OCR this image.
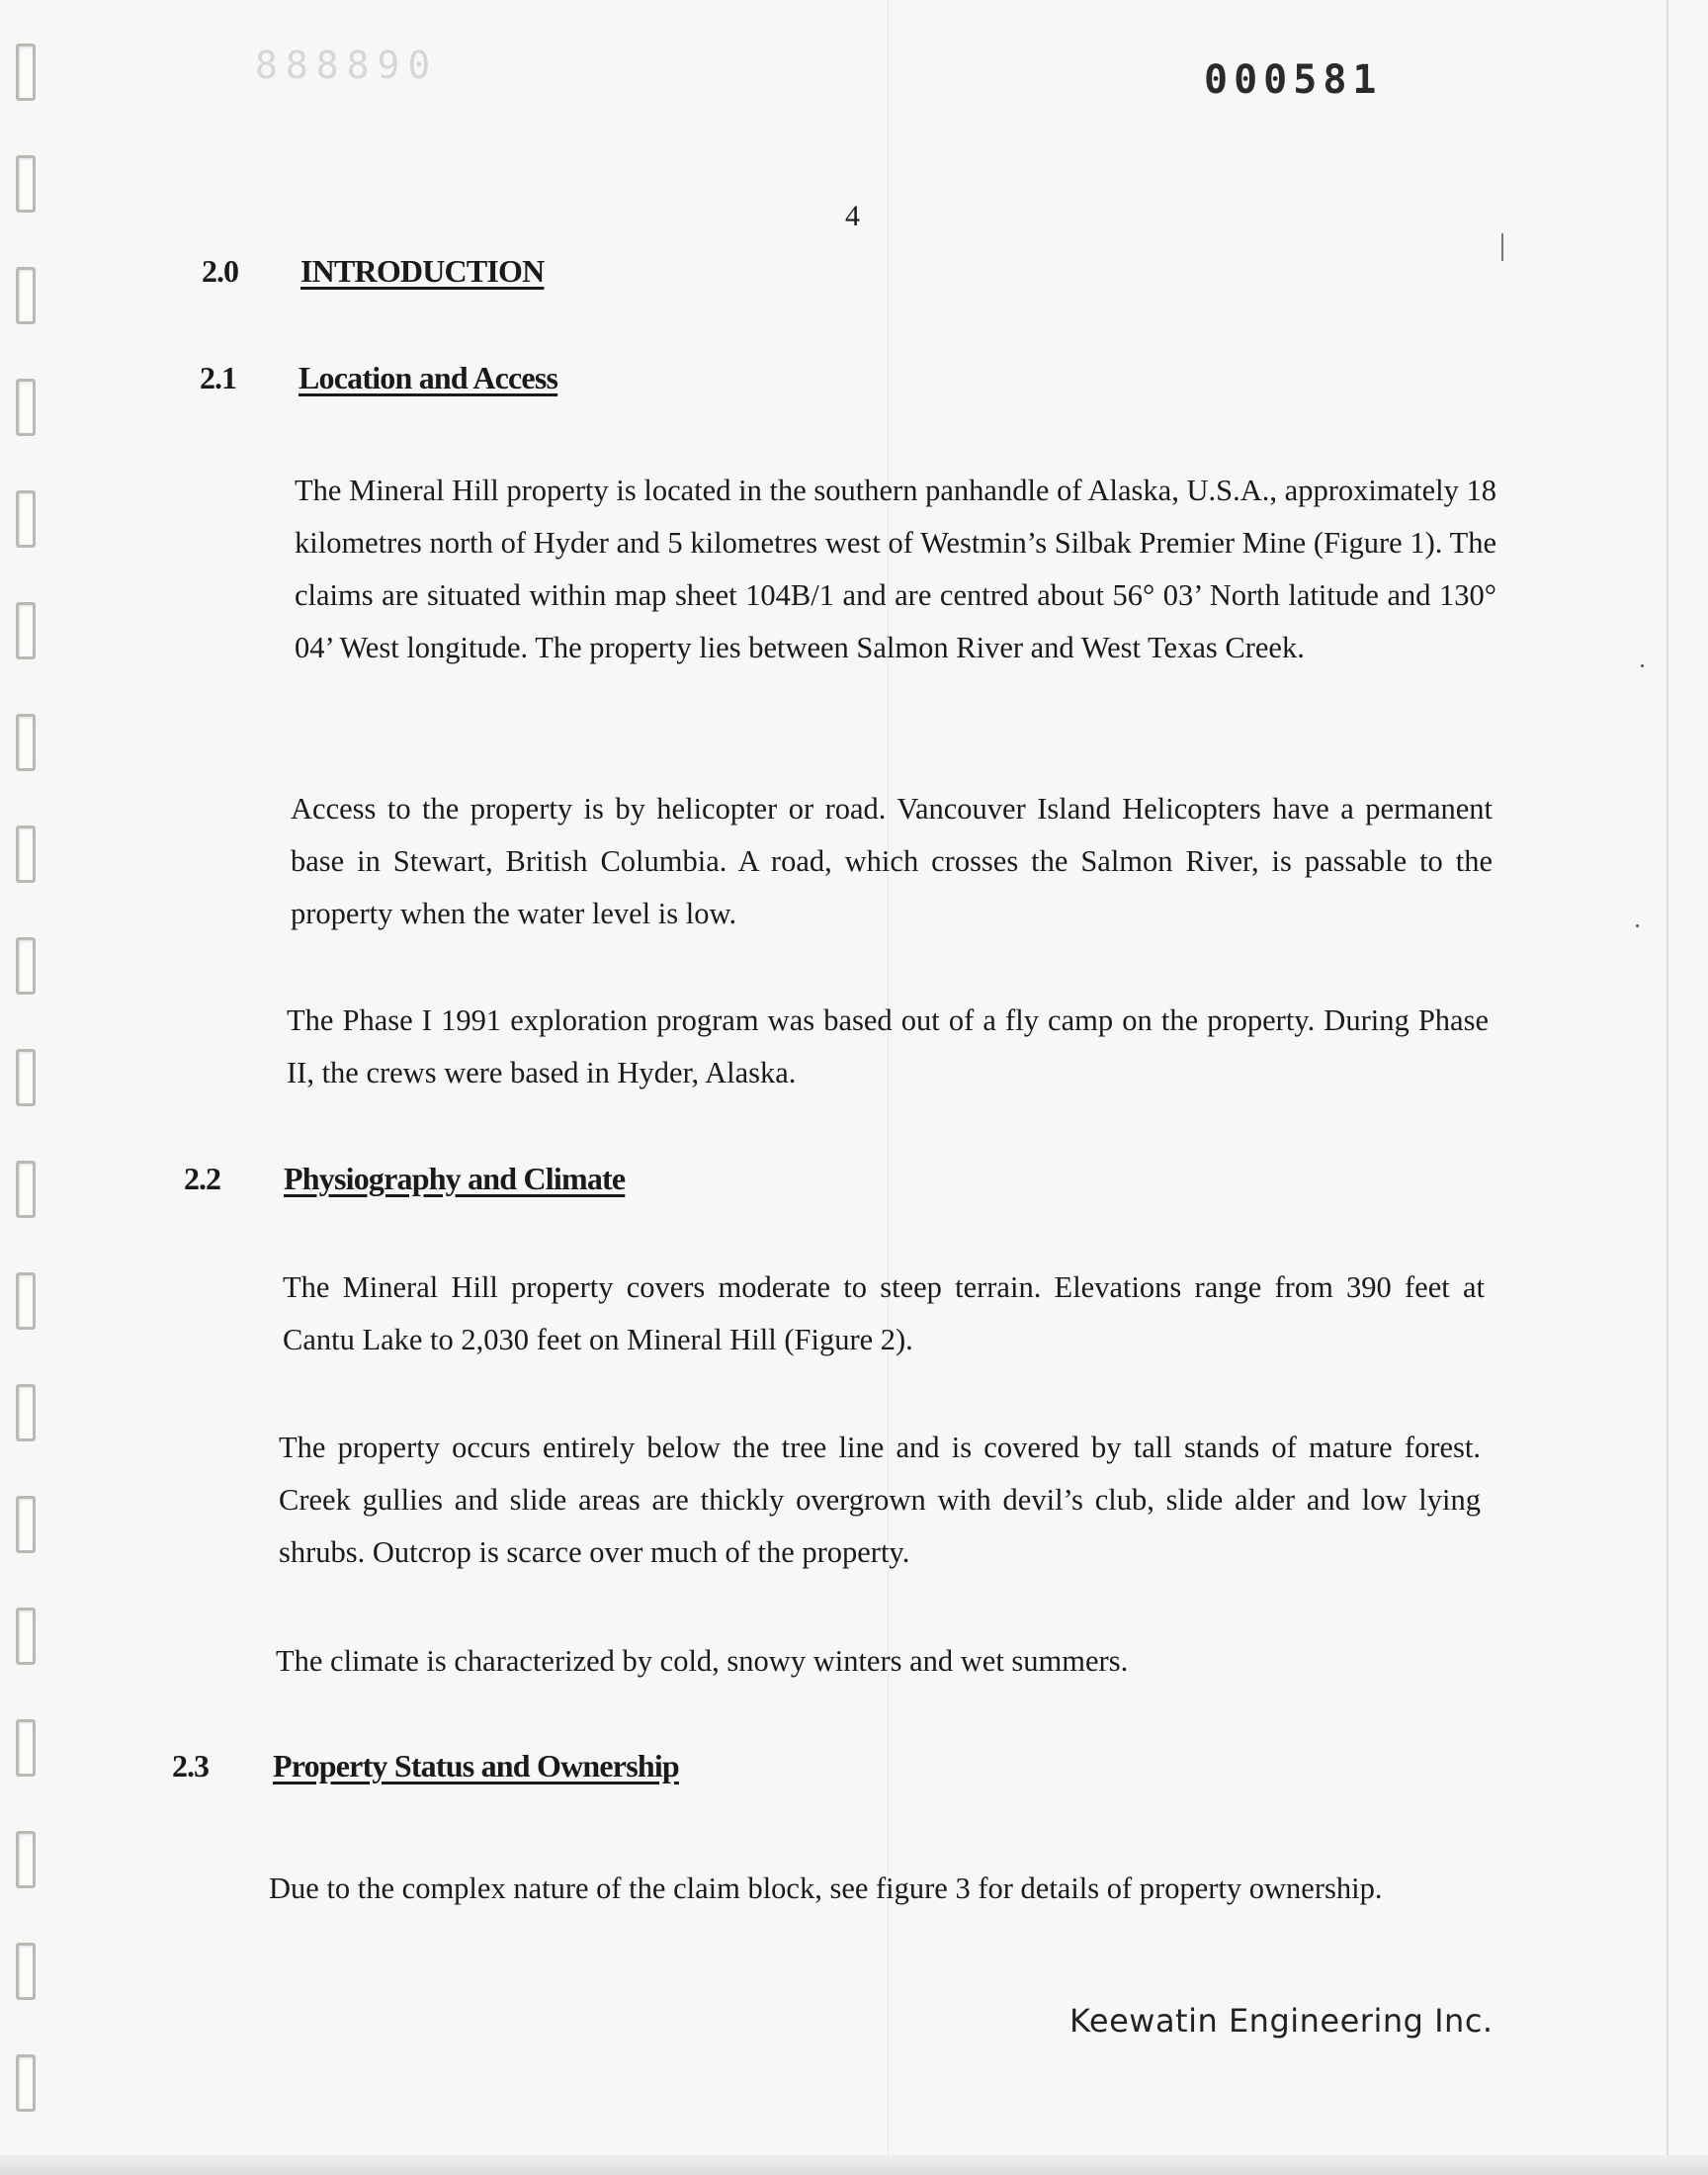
888890	000581
4
2.0 INTRODUCTION
2.1 Location and Access

The Mineral Hill property is located in the southern panhandle of Alaska, U.S.A., approximately 18 kilometres north of Hyder and 5 kilometres west of Westmin’s Silbak Premier Mine (Figure 1). The claims are situated within map sheet 104B/1 and are centred about 56° 03’ North latitude and 130° 04’ West longitude. The property lies between Salmon River and West Texas Creek.

Access to the property is by helicopter or road. Vancouver Island Helicopters have a permanent base in Stewart, British Columbia. A road, which crosses the Salmon River, is passable to the property when the water level is low.

The Phase I 1991 exploration program was based out of a fly camp on the property. During Phase II, the crews were based in Hyder, Alaska.

2.2 Physiography and Climate

The Mineral Hill property covers moderate to steep terrain. Elevations range from 390 feet at Cantu Lake to 2,030 feet on Mineral Hill (Figure 2).

The property occurs entirely below the tree line and is covered by tall stands of mature forest. Creek gullies and slide areas are thickly overgrown with devil’s club, slide alder and low lying shrubs. Outcrop is scarce over much of the property.

The climate is characterized by cold, snowy winters and wet summers.

2.3 Property Status and Ownership

Due to the complex nature of the claim block, see figure 3 for details of property ownership.

Keewatin Engineering Inc.
